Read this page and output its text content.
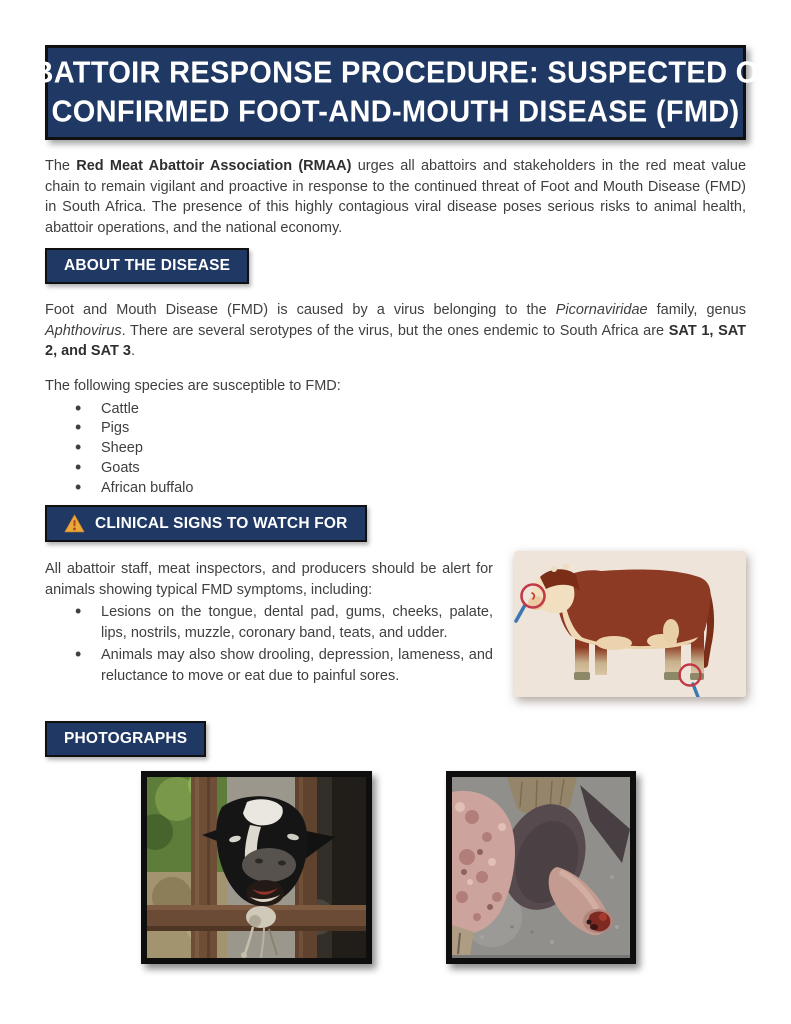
ABATTOIR RESPONSE PROCEDURE: SUSPECTED OR
CONFIRMED FOOT-AND-MOUTH DISEASE (FMD)

The Red Meat Abattoir Association (RMAA) urges all abattoirs and stakeholders in the red meat value chain to remain vigilant and proactive in response to the continued threat of Foot and Mouth Disease (FMD) in South Africa. The presence of this highly contagious viral disease poses serious risks to animal health, abattoir operations, and the national economy.

ABOUT THE DISEASE

Foot and Mouth Disease (FMD) is caused by a virus belonging to the Picornaviridae family, genus Aphthovirus. There are several serotypes of the virus, but the ones endemic to South Africa are SAT 1, SAT 2, and SAT 3.

The following species are susceptible to FMD:

• Cattle
• Pigs
• Sheep
• Goats
• African buffalo
CLINICAL SIGNS TO WATCH FOR

All abattoir staff, meat inspectors, and producers should be alert for animals showing typical FMD symptoms, including:

• Lesions on the tongue, dental pad, gums, cheeks, palate, lips, nostrils, muzzle, coronary band, teats, and udder.
• Animals may also show drooling, depression, lameness, and reluctance to move or eat due to painful sores.
PHOTOGRAPHS
